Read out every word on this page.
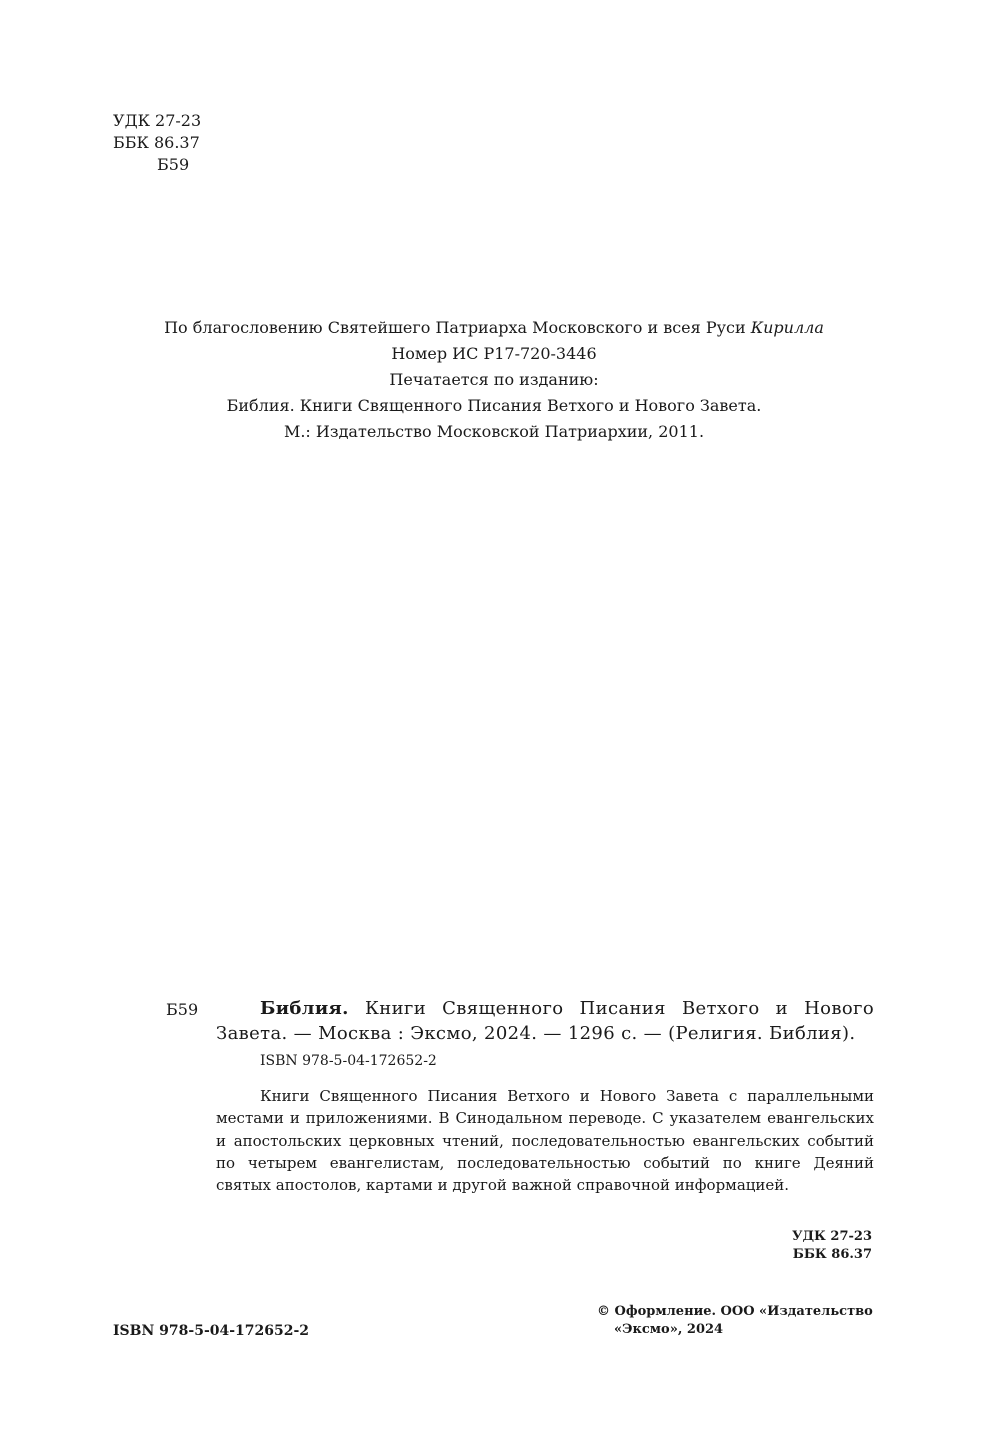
УДК 27-23
ББК 86.37
Б59
По благословению Святейшего Патриарха Московского и всея Руси Кирилла
Номер ИС Р17-720-3446
Печатается по изданию:
Библия. Книги Священного Писания Ветхого и Нового Завета.
М.: Издательство Московской Патриархии, 2011.
Б59	Библия. Книги Священного Писания Ветхого и Нового Завета. — Москва : Эксмо, 2024. — 1296 с. — (Религия. Библия).
ISBN 978-5-04-172652-2
Книги Священного Писания Ветхого и Нового Завета с параллельными местами и приложениями. В Синодальном переводе. С указателем евангельских и апостольских церковных чтений, последовательностью евангельских событий по четырем евангелистам, последовательностью событий по книге Деяний святых апостолов, картами и другой важной справочной информацией.
УДК 27-23
ББК 86.37
ISBN 978-5-04-172652-2
© Оформление. ООО «Издательство
«Эксмо», 2024
